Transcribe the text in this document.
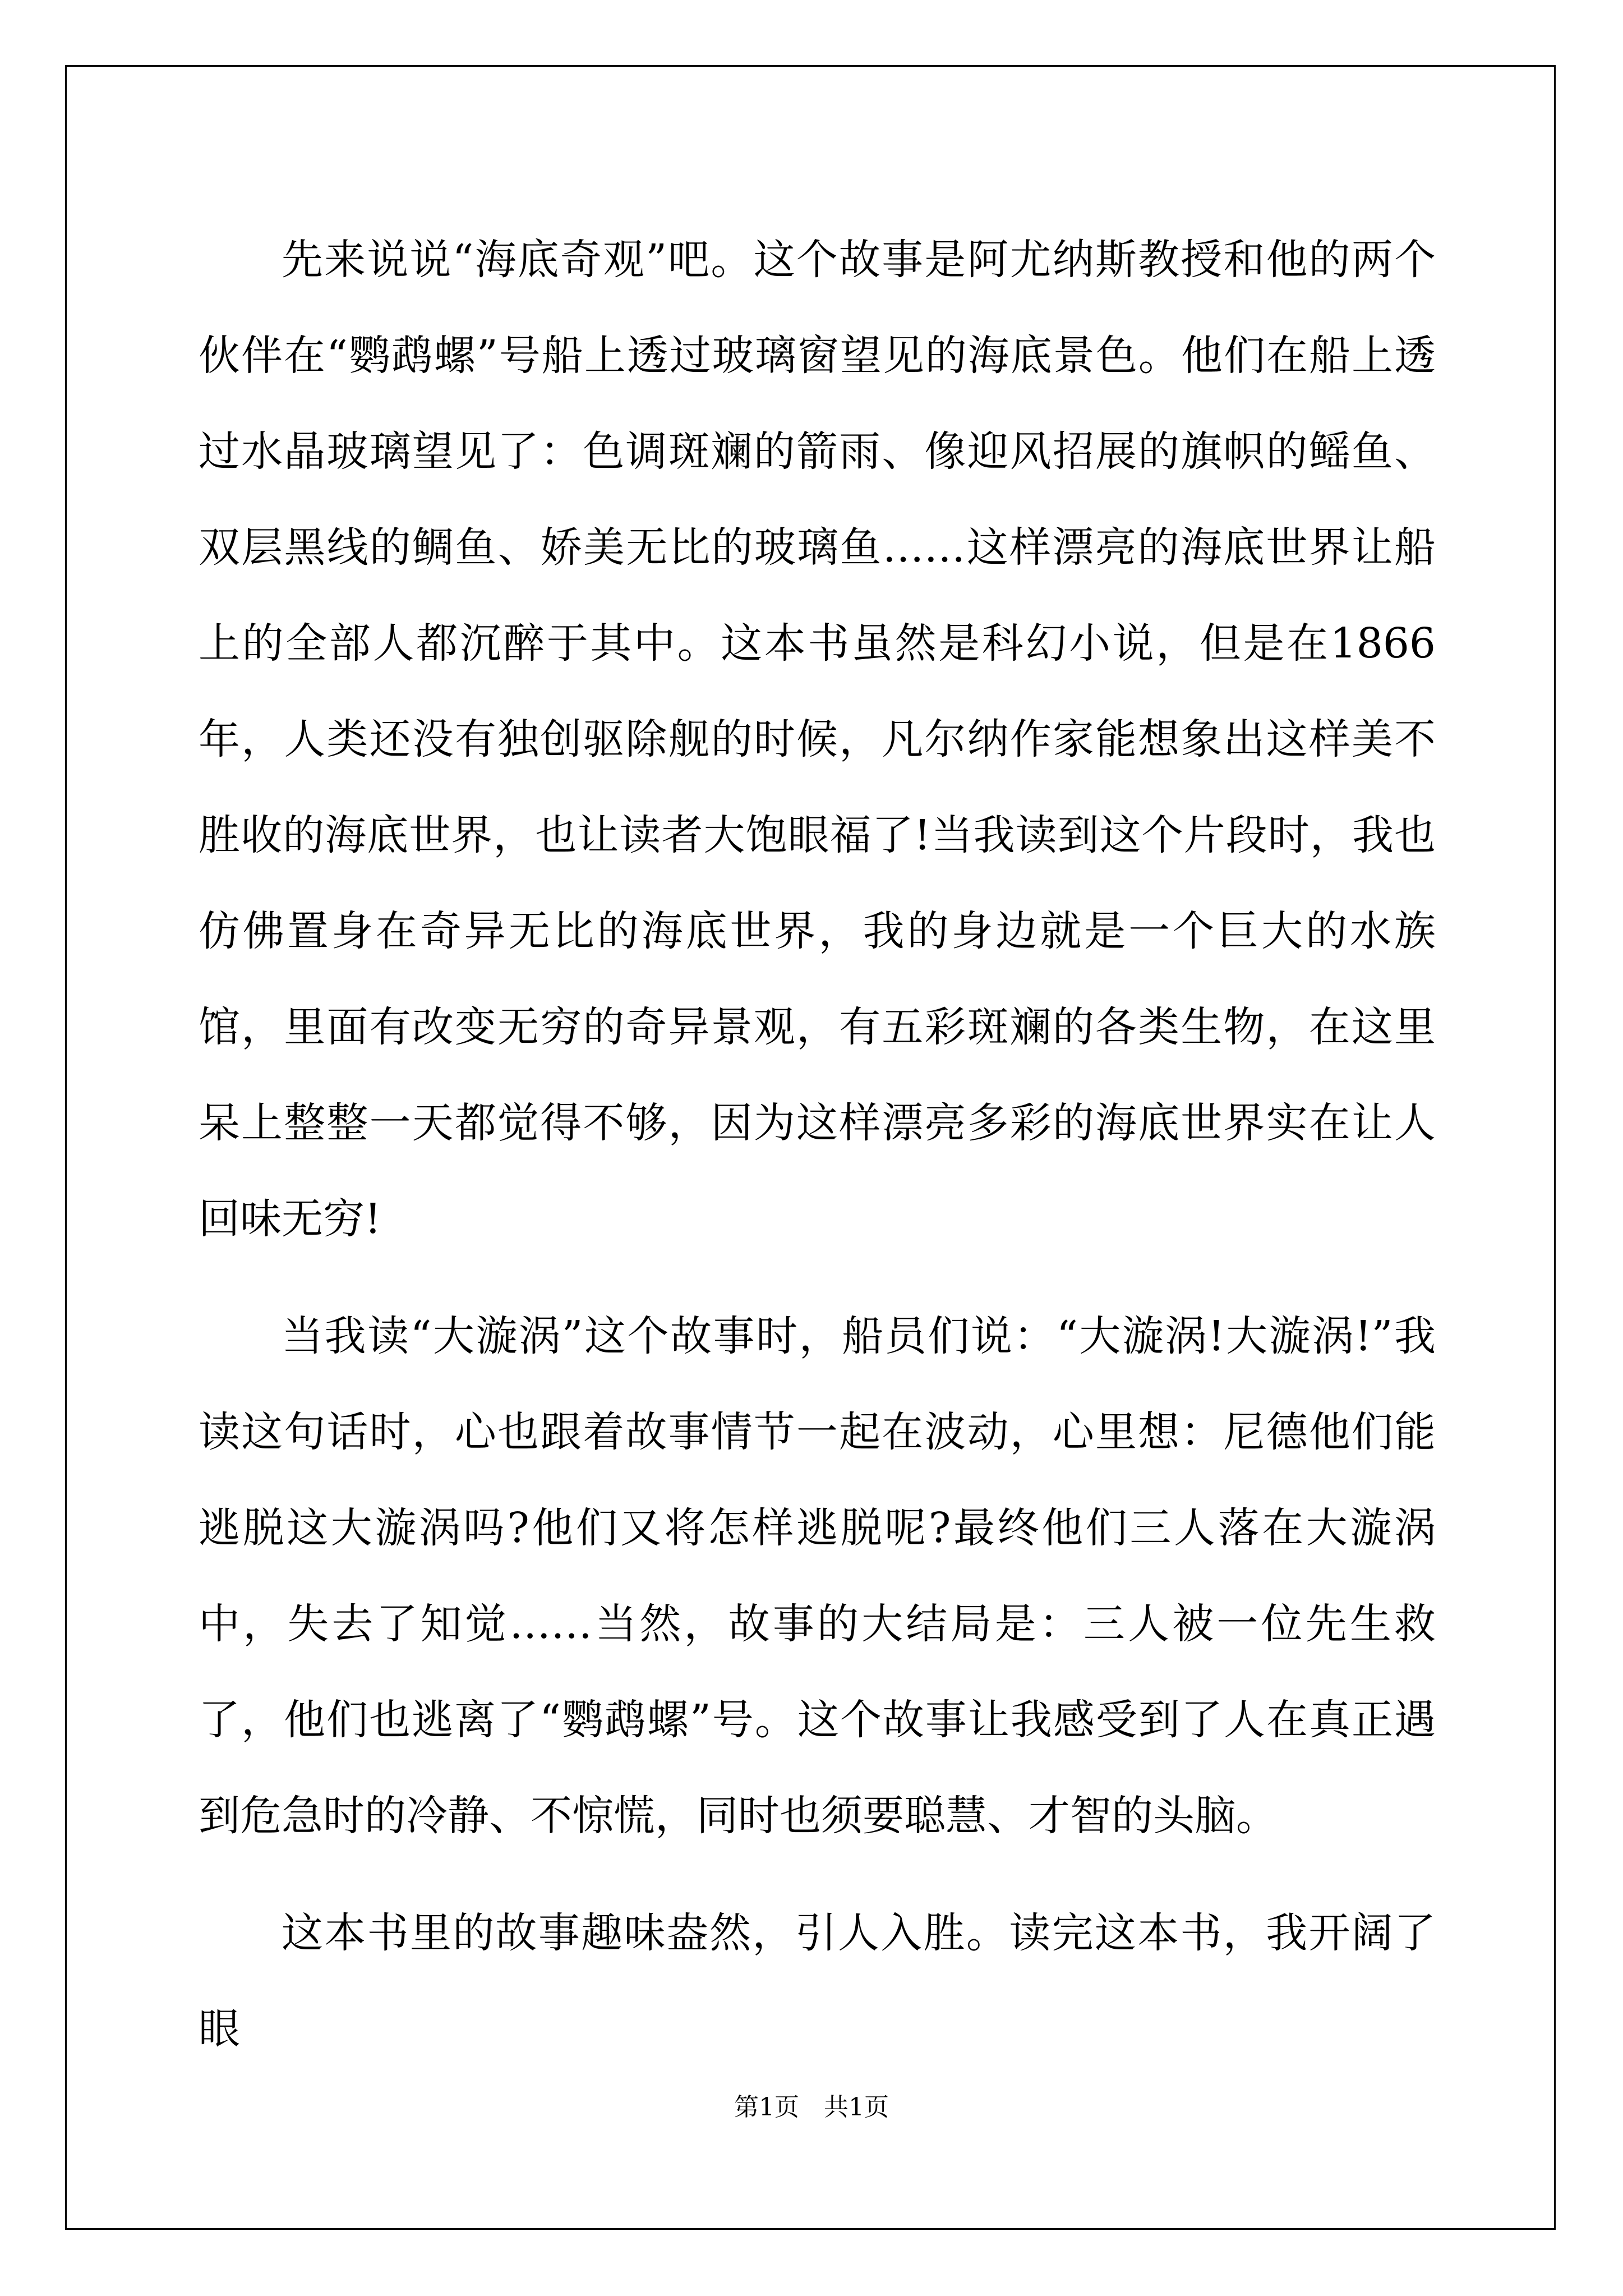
先来说说“海底奇观”吧。这个故事是阿尤纳斯教授和他的两个伙伴在“鹦鹉螺”号船上透过玻璃窗望见的海底景色。他们在船上透过水晶玻璃望见了：色调斑斓的箭雨、像迎风招展的旗帜的鳐鱼、双层黑线的鲷鱼、娇美无比的玻璃鱼……这样漂亮的海底世界让船上的全部人都沉醉于其中。这本书虽然是科幻小说，但是在1866年，人类还没有独创驱除舰的时候，凡尔纳作家能想象出这样美不胜收的海底世界，也让读者大饱眼福了!当我读到这个片段时，我也仿佛置身在奇异无比的海底世界，我的身边就是一个巨大的水族馆，里面有改变无穷的奇异景观，有五彩斑斓的各类生物，在这里呆上整整一天都觉得不够，因为这样漂亮多彩的海底世界实在让人回味无穷!

当我读“大漩涡”这个故事时，船员们说：“大漩涡!大漩涡!”我读这句话时，心也跟着故事情节一起在波动，心里想：尼德他们能逃脱这大漩涡吗?他们又将怎样逃脱呢?最终他们三人落在大漩涡中，失去了知觉……当然，故事的大结局是：三人被一位先生救了，他们也逃离了“鹦鹉螺”号。这个故事让我感受到了人在真正遇到危急时的冷静、不惊慌，同时也须要聪慧、才智的头脑。

这本书里的故事趣味盎然，引人入胜。读完这本书，我开阔了眼

第1页　共1页
